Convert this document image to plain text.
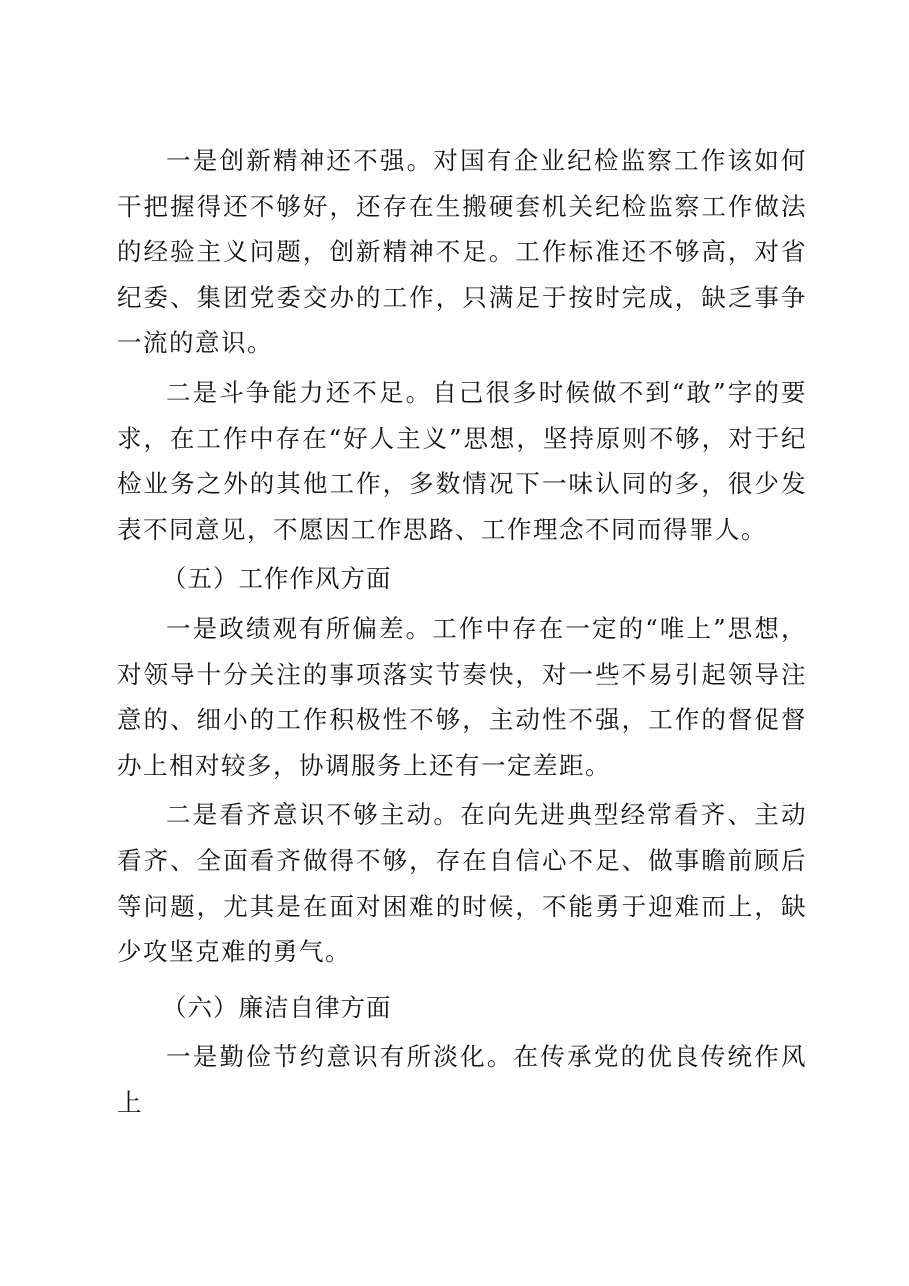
一是创新精神还不强。对国有企业纪检监察工作该如何干把握得还不够好，还存在生搬硬套机关纪检监察工作做法的经验主义问题，创新精神不足。工作标准还不够高，对省纪委、集团党委交办的工作，只满足于按时完成，缺乏事争一流的意识。

二是斗争能力还不足。自己很多时候做不到“敢”字的要求，在工作中存在“好人主义”思想，坚持原则不够，对于纪检业务之外的其他工作，多数情况下一味认同的多，很少发表不同意见，不愿因工作思路、工作理念不同而得罪人。

（五）工作作风方面

一是政绩观有所偏差。工作中存在一定的“唯上”思想，对领导十分关注的事项落实节奏快，对一些不易引起领导注意的、细小的工作积极性不够，主动性不强，工作的督促督办上相对较多，协调服务上还有一定差距。

二是看齐意识不够主动。在向先进典型经常看齐、主动看齐、全面看齐做得不够，存在自信心不足、做事瞻前顾后等问题，尤其是在面对困难的时候，不能勇于迎难而上，缺少攻坚克难的勇气。

（六）廉洁自律方面

一是勤俭节约意识有所淡化。在传承党的优良传统作风上
